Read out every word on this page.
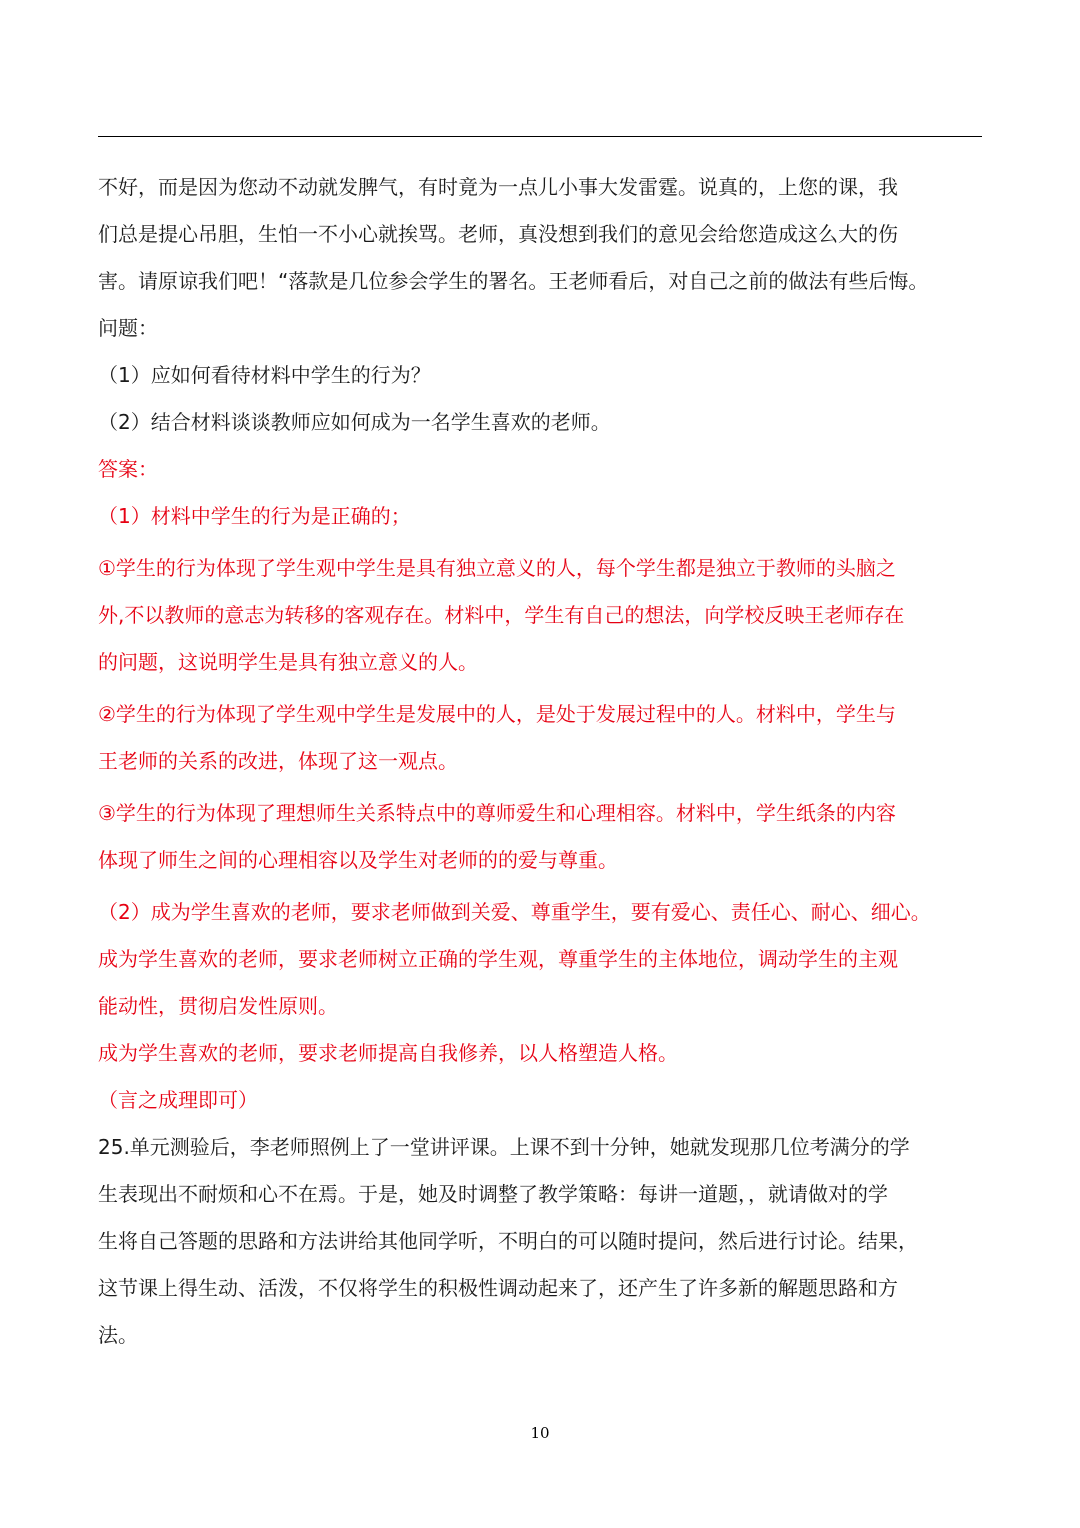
不好，而是因为您动不动就发脾气，有时竟为一点儿小事大发雷霆。说真的，上您的课，我
们总是提心吊胆，生怕一不小心就挨骂。老师，真没想到我们的意见会给您造成这么大的伤
害。请原谅我们吧！“落款是几位参会学生的署名。王老师看后，对自己之前的做法有些后悔。
问题：
（1）应如何看待材料中学生的行为？
（2）结合材料谈谈教师应如何成为一名学生喜欢的老师。
答案：
（1）材料中学生的行为是正确的；
①学生的行为体现了学生观中学生是具有独立意义的人，每个学生都是独立于教师的头脑之
外,不以教师的意志为转移的客观存在。材料中，学生有自己的想法，向学校反映王老师存在
的问题，这说明学生是具有独立意义的人。
②学生的行为体现了学生观中学生是发展中的人，是处于发展过程中的人。材料中，学生与
王老师的关系的改进，体现了这一观点。
③学生的行为体现了理想师生关系特点中的尊师爱生和心理相容。材料中，学生纸条的内容
体现了师生之间的心理相容以及学生对老师的的爱与尊重。
（2）成为学生喜欢的老师，要求老师做到关爱、尊重学生，要有爱心、责任心、耐心、细心。
成为学生喜欢的老师，要求老师树立正确的学生观，尊重学生的主体地位，调动学生的主观
能动性，贯彻启发性原则。
成为学生喜欢的老师，要求老师提高自我修养，以人格塑造人格。
（言之成理即可）
25.单元测验后，李老师照例上了一堂讲评课。上课不到十分钟，她就发现那几位考满分的学
生表现出不耐烦和心不在焉。于是，她及时调整了教学策略：每讲一道题，，就请做对的学
生将自己答题的思路和方法讲给其他同学听，不明白的可以随时提问，然后进行讨论。结果，
这节课上得生动、活泼，不仅将学生的积极性调动起来了，还产生了许多新的解题思路和方
法。
10
